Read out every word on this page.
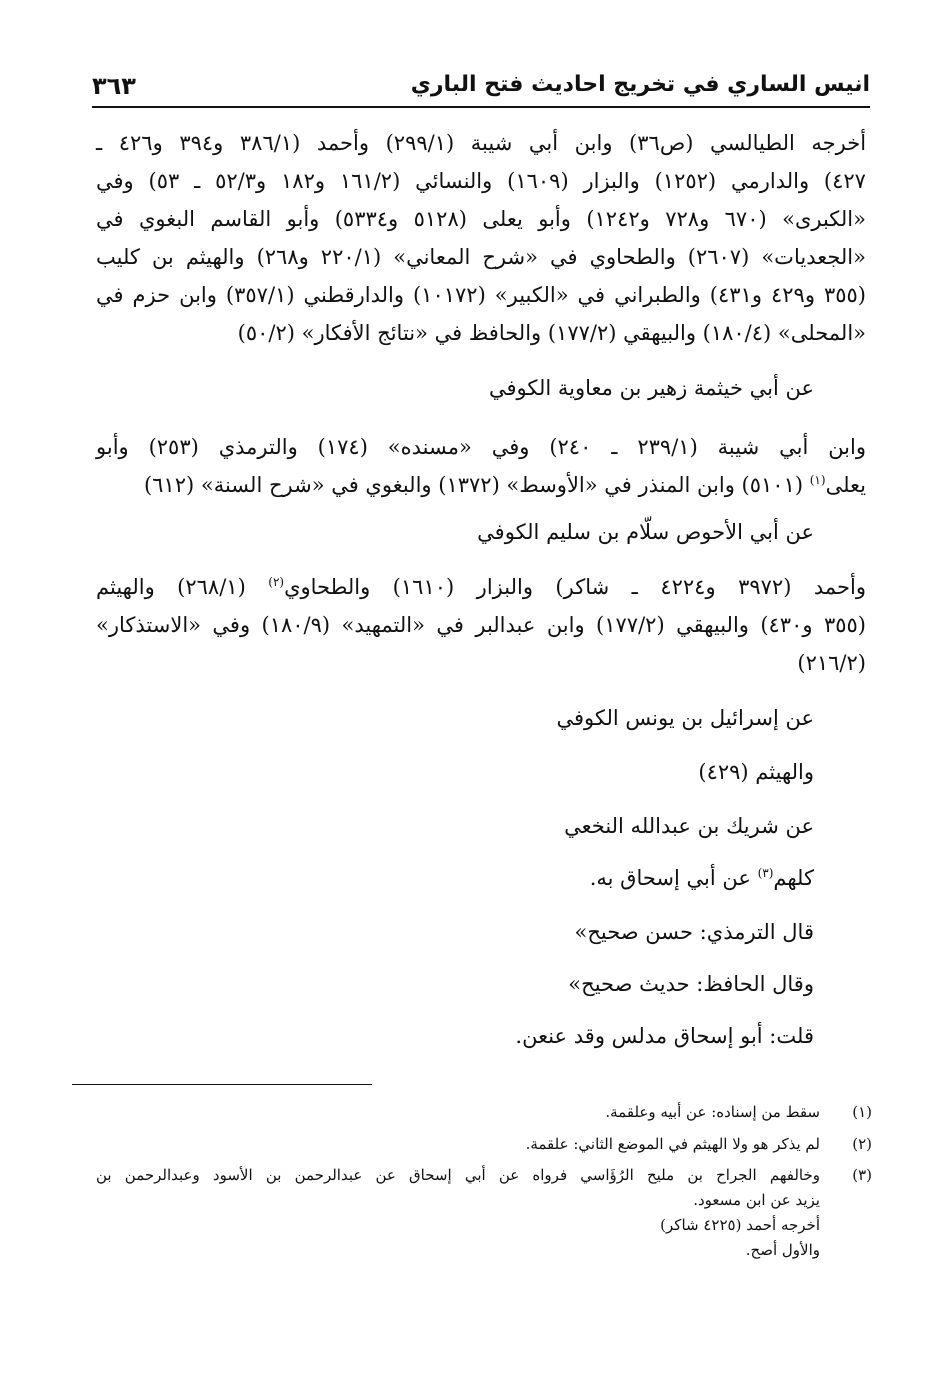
انيس الساري في تخريج احاديث فتح الباري
٣٦٣
أخرجه الطيالسي (ص٣٦) وابن أبي شيبة (٢٩٩/١) وأحمد (٣٨٦/١ و٣٩٤ و٤٢٦ ـ
٤٢٧) والدارمي (١٢٥٢) والبزار (١٦٠٩) والنسائي (١٦١/٢ و١٨٢ و٥٢/٣ ـ ٥٣) وفي
«الكبرى» (٦٧٠ و٧٢٨ و١٢٤٢) وأبو يعلى (٥١٢٨ و٥٣٣٤) وأبو القاسم البغوي في
«الجعديات» (٢٦٠٧) والطحاوي في «شرح المعاني» (٢٢٠/١ و٢٦٨) والهيثم بن كليب
(٣٥٥ و٤٢٩ و٤٣١) والطبراني في «الكبير» (١٠١٧٢) والدارقطني (٣٥٧/١) وابن حزم في
«المحلى» (١٨٠/٤) والبيهقي (١٧٧/٢) والحافظ في «نتائج الأفكار» (٥٠/٢)
عن أبي خيثمة زهير بن معاوية الكوفي
وابن أبي شيبة (٢٣٩/١ ـ ٢٤٠) وفي «مسنده» (١٧٤) والترمذي (٢٥٣) وأبو
يعلى$^{(١)}$ (٥١٠١) وابن المنذر في «الأوسط» (١٣٧٢) والبغوي في «شرح السنة» (٦١٢)
عن أبي الأحوص سلّام بن سليم الكوفي
وأحمد (٣٩٧٢ و٤٢٢٤ ـ شاكر) والبزار (١٦١٠) والطحاوي$^{(٢)}$ (٢٦٨/١) والهيثم
(٣٥٥ و٤٣٠) والبيهقي (١٧٧/٢) وابن عبدالبر في «التمهيد» (١٨٠/٩) وفي «الاستذكار»
(٢١٦/٢)
عن إسرائيل بن يونس الكوفي
والهيثم (٤٢٩)
عن شريك بن عبدالله النخعي
كلهم$^{(٣)}$ عن أبي إسحاق به.
قال الترمذي: حسن صحيح»
وقال الحافظ: حديث صحيح»
قلت: أبو إسحاق مدلس وقد عنعن.
(١)
سقط من إسناده: عن أبيه وعلقمة.
(٢)
لم يذكر هو ولا الهيثم في الموضع الثاني: علقمة.
(٣)
وخالفهم الجراح بن مليح الرُؤَاسي فرواه عن أبي إسحاق عن عبدالرحمن بن الأسود وعبدالرحمن بن
يزيد عن ابن مسعود.
أخرجه أحمد (٤٢٢٥ شاكر)
والأول أصح.
